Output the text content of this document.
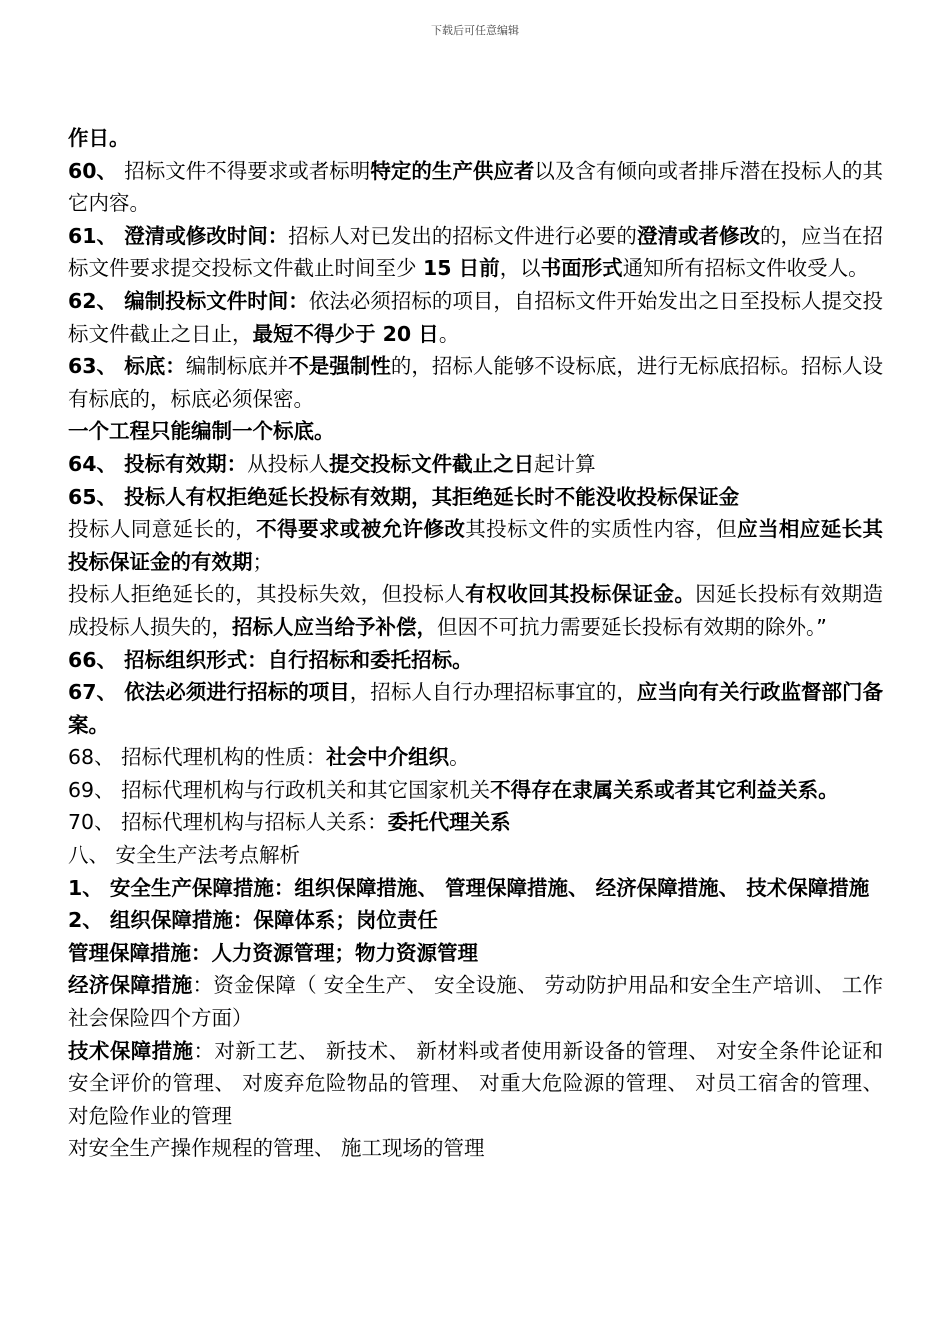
下载后可任意编辑

作日。

60、 招标文件不得要求或者标明特定的生产供应者以及含有倾向或者排斥潜在投标人的其它内容。

61、 澄清或修改时间：招标人对已发出的招标文件进行必要的澄清或者修改的，应当在招标文件要求提交投标文件截止时间至少 15 日前，以书面形式通知所有招标文件收受人。

62、 编制投标文件时间：依法必须招标的项目，自招标文件开始发出之日至投标人提交投标文件截止之日止，最短不得少于 20 日。

63、 标底：编制标底并不是强制性的，招标人能够不设标底，进行无标底招标。招标人设有标底的，标底必须保密。

一个工程只能编制一个标底。

64、 投标有效期：从投标人提交投标文件截止之日起计算

65、 投标人有权拒绝延长投标有效期，其拒绝延长时不能没收投标保证金

投标人同意延长的，不得要求或被允许修改其投标文件的实质性内容，但应当相应延长其投标保证金的有效期；

投标人拒绝延长的，其投标失效，但投标人有权收回其投标保证金。因延长投标有效期造成投标人损失的，招标人应当给予补偿，但因不可抗力需要延长投标有效期的除外。”

66、 招标组织形式：自行招标和委托招标。

67、 依法必须进行招标的项目，招标人自行办理招标事宜的，应当向有关行政监督部门备案。

68、 招标代理机构的性质：社会中介组织。

69、 招标代理机构与行政机关和其它国家机关不得存在隶属关系或者其它利益关系。

70、 招标代理机构与招标人关系：委托代理关系

八、 安全生产法考点解析

1、 安全生产保障措施：组织保障措施、 管理保障措施、 经济保障措施、 技术保障措施

2、 组织保障措施：保障体系；岗位责任

管理保障措施：人力资源管理；物力资源管理

经济保障措施：资金保障（ 安全生产、 安全设施、 劳动防护用品和安全生产培训、 工作社会保险四个方面）

技术保障措施：对新工艺、 新技术、 新材料或者使用新设备的管理、 对安全条件论证和安全评价的管理、 对废弃危险物品的管理、 对重大危险源的管理、 对员工宿舍的管理、 对危险作业的管理

对安全生产操作规程的管理、 施工现场的管理
